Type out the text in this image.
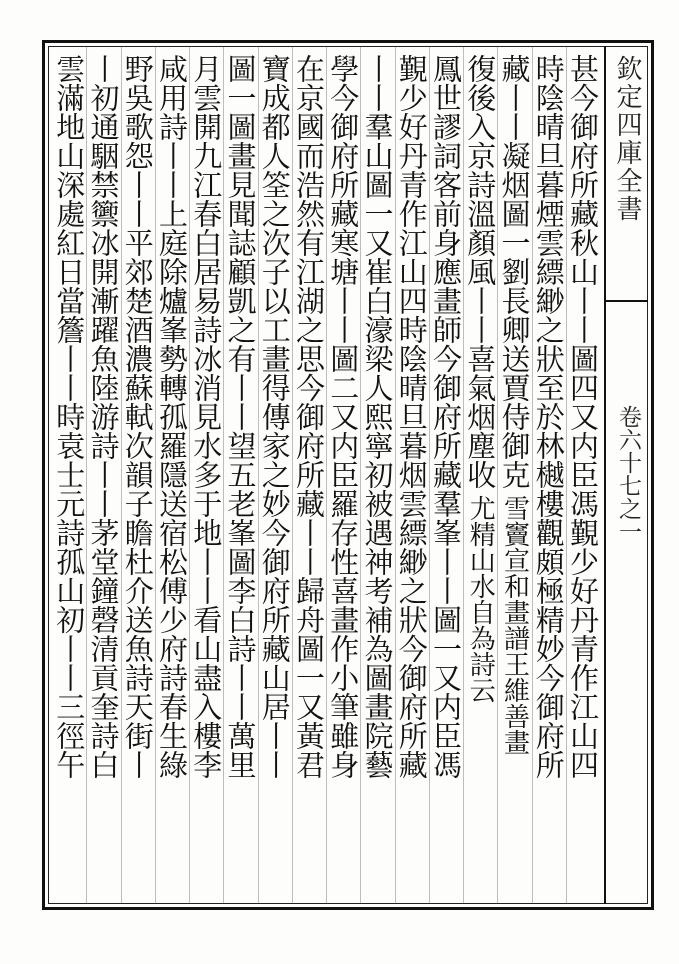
欽定四庫全書
卷六十七之一
甚今御府所藏秋山丨丨圖四又内臣馮覲少好丹青作江山四
時陰晴旦暮煙雲縹緲之狀至於林樾樓觀頗極精妙今御府所
藏丨丨凝烟圖一劉長卿送賈侍御克
雪竇宣和畫譜王維善畫
復後入京詩溫顏風丨丨喜氣烟塵收
尤精山水自為詩云
鳳世謬詞客前身應畫師今御府所藏羣峯丨丨圖一又内臣馮
覲少好丹青作江山四時陰晴旦暮烟雲縹緲之狀今御府所藏
丨丨羣山圖一又崔白濠梁人熙寧初被遇神考補為圖畫院藝
學今御府所藏寒塘丨丨圖二又内臣羅存性喜畫作小筆雖身
在京國而浩然有江湖之思今御府所藏丨丨歸舟圖一又黃君
寶成都人筌之次子以工畫得傳家之妙今御府所藏山居丨丨
圖一圖畫見聞誌顧凱之有丨丨望五老峯圖李白詩丨丨萬里
月雲開九江春白居易詩冰消見水多于地丨丨看山盡入樓李
咸用詩丨丨上庭除爐峯勢轉孤羅隱送宿松傅少府詩春生綠
野吳歌怨丨丨平郊楚酒濃蘇軾次韻子瞻杜介送魚詩天街丨
丨初通駰禁籞冰開漸躍魚陸游詩丨丨茅堂鐘磬清貢奎詩白
雲滿地山深處紅日當簷丨丨時袁士元詩孤山初丨丨三徑午
